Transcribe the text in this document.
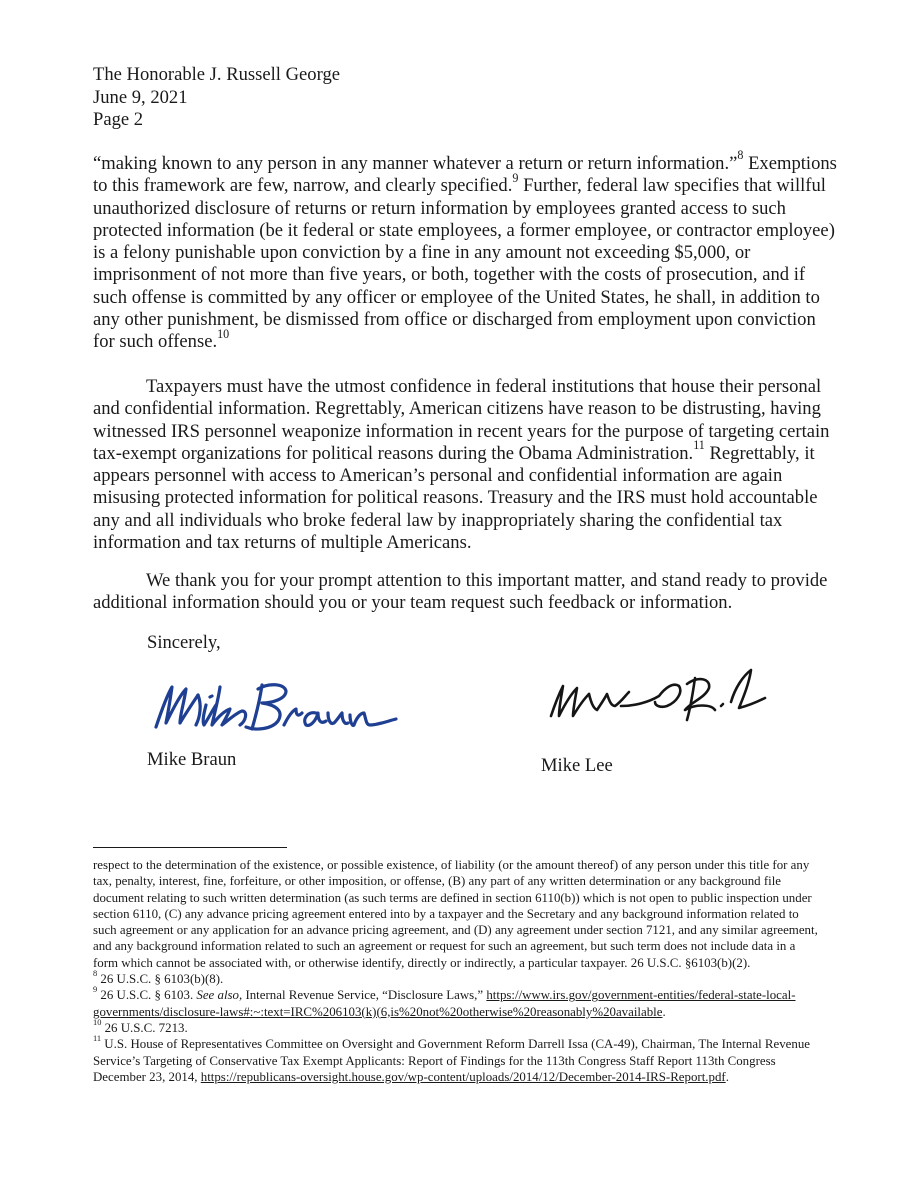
The Honorable J. Russell George
June 9, 2021
Page 2

“making known to any person in any manner whatever a return or return information.”$^8$ Exemptions to this framework are few, narrow, and clearly specified.$^9$ Further, federal law specifies that willful unauthorized disclosure of returns or return information by employees granted access to such protected information (be it federal or state employees, a former employee, or contractor employee) is a felony punishable upon conviction by a fine in any amount not exceeding $5,000, or imprisonment of not more than five years, or both, together with the costs of prosecution, and if such offense is committed by any officer or employee of the United States, he shall, in addition to any other punishment, be dismissed from office or discharged from employment upon conviction for such offense.$^{10}$

Taxpayers must have the utmost confidence in federal institutions that house their personal and confidential information. Regrettably, American citizens have reason to be distrusting, having witnessed IRS personnel weaponize information in recent years for the purpose of targeting certain tax-exempt organizations for political reasons during the Obama Administration.$^{11}$ Regrettably, it appears personnel with access to American’s personal and confidential information are again misusing protected information for political reasons. Treasury and the IRS must hold accountable any and all individuals who broke federal law by inappropriately sharing the confidential tax information and tax returns of multiple Americans.

We thank you for your prompt attention to this important matter, and stand ready to provide additional information should you or your team request such feedback or information.

Sincerely,
Mike Braun	Mike Lee

respect to the determination of the existence, or possible existence, of liability (or the amount thereof) of any person under this title for any tax, penalty, interest, fine, forfeiture, or other imposition, or offense, (B) any part of any written determination or any background file document relating to such written determination (as such terms are defined in section 6110(b)) which is not open to public inspection under section 6110, (C) any advance pricing agreement entered into by a taxpayer and the Secretary and any background information related to such agreement or any application for an advance pricing agreement, and (D) any agreement under section 7121, and any similar agreement, and any background information related to such an agreement or request for such an agreement, but such term does not include data in a form which cannot be associated with, or otherwise identify, directly or indirectly, a particular taxpayer. 26 U.S.C. §6103(b)(2).

$^8$ 26 U.S.C. § 6103(b)(8).

$^9$ 26 U.S.C. § 6103. See also, Internal Revenue Service, “Disclosure Laws,” https://www.irs.gov/government-entities/federal-state-local-governments/disclosure-laws#:~:text=IRC%206103(k)(6,is%20not%20otherwise%20reasonably%20available.

$^{10}$ 26 U.S.C. 7213.

$^{11}$ U.S. House of Representatives Committee on Oversight and Government Reform Darrell Issa (CA-49), Chairman, The Internal Revenue Service’s Targeting of Conservative Tax Exempt Applicants: Report of Findings for the 113th Congress Staff Report 113th Congress December 23, 2014, https://republicans-oversight.house.gov/wp-content/uploads/2014/12/December-2014-IRS-Report.pdf.
